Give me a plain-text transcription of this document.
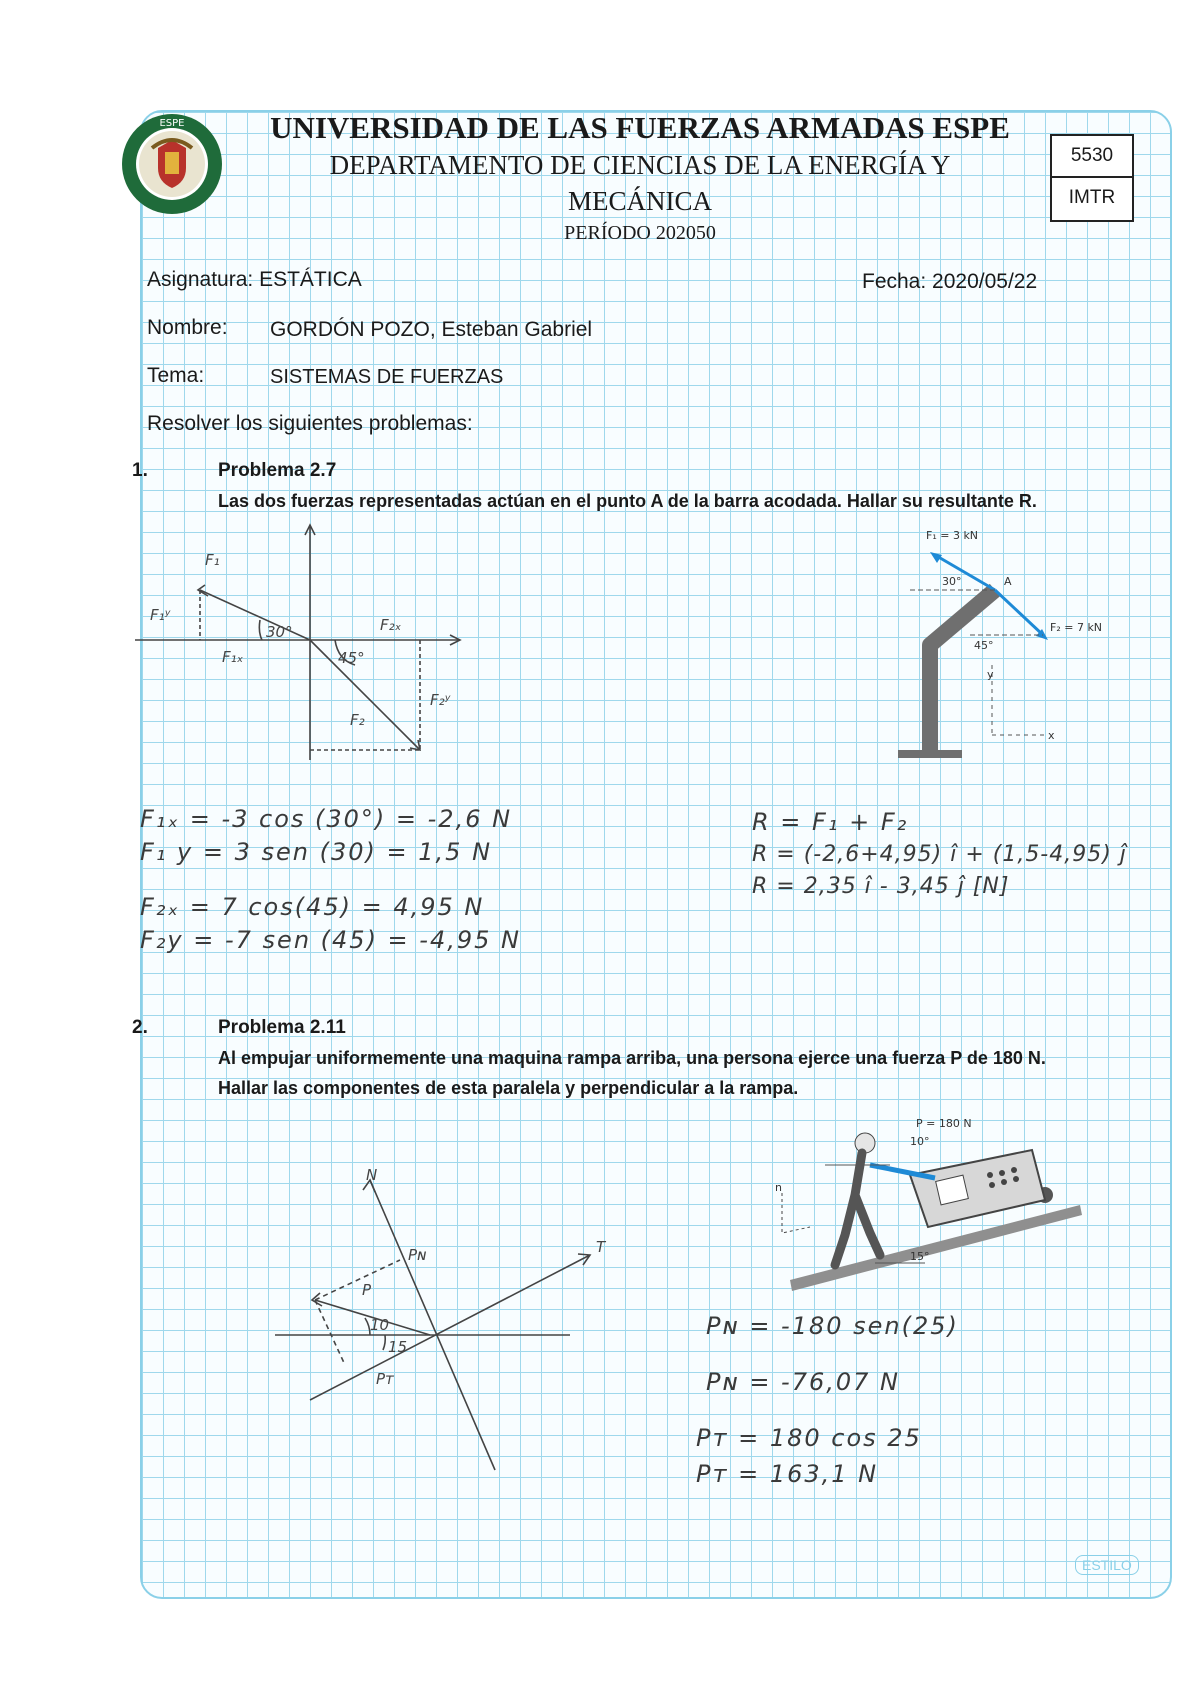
ESPE	UNIVERSIDAD DE LAS FUERZAS ARMADAS ESPE
DEPARTAMENTO DE CIENCIAS DE LA ENERGÍA Y
MECÁNICA
PERÍODO 202050
5530
IMTR
Asignatura: ESTÁTICA	Fecha: 2020/05/22
Nombre: GORDÓN POZO, Esteban Gabriel
Tema:	SISTEMAS DE FUERZAS
Resolver los siguientes problemas:
1.	Problema 2.7
Las dos fuerzas representadas actúan en el punto A de la barra acodada. Hallar su resultante R.
F₁
F₁ʸ
F₁ₓ
30°
45°
F₂ₓ
F₂ʸ
F₂
F₁ = 3 kN
F₂ = 7 kN
30°
45°
A
y
x
F₁ₓ = -3 cos (30°) = -2,6 N
F₁ y = 3 sen (30) = 1,5 N
F₂ₓ = 7 cos(45) = 4,95 N
F₂y = -7 sen (45) = -4,95 N
R = F₁ + F₂
R = (-2,6+4,95) î + (1,5-4,95) ĵ
R = 2,35 î - 3,45 ĵ [N]
2.	Problema 2.11
Al empujar uniformemente una maquina rampa arriba, una persona ejerce una fuerza P de 180 N.
Hallar las componentes de esta paralela y perpendicular a la rampa.
N
T
Pɴ
P
10
15
Pᴛ
P = 180 N
10°
15°
n
Pɴ = -180 sen(25)
Pɴ = -76,07 N
Pᴛ = 180 cos 25
Pᴛ = 163,1 N
ESTILO
